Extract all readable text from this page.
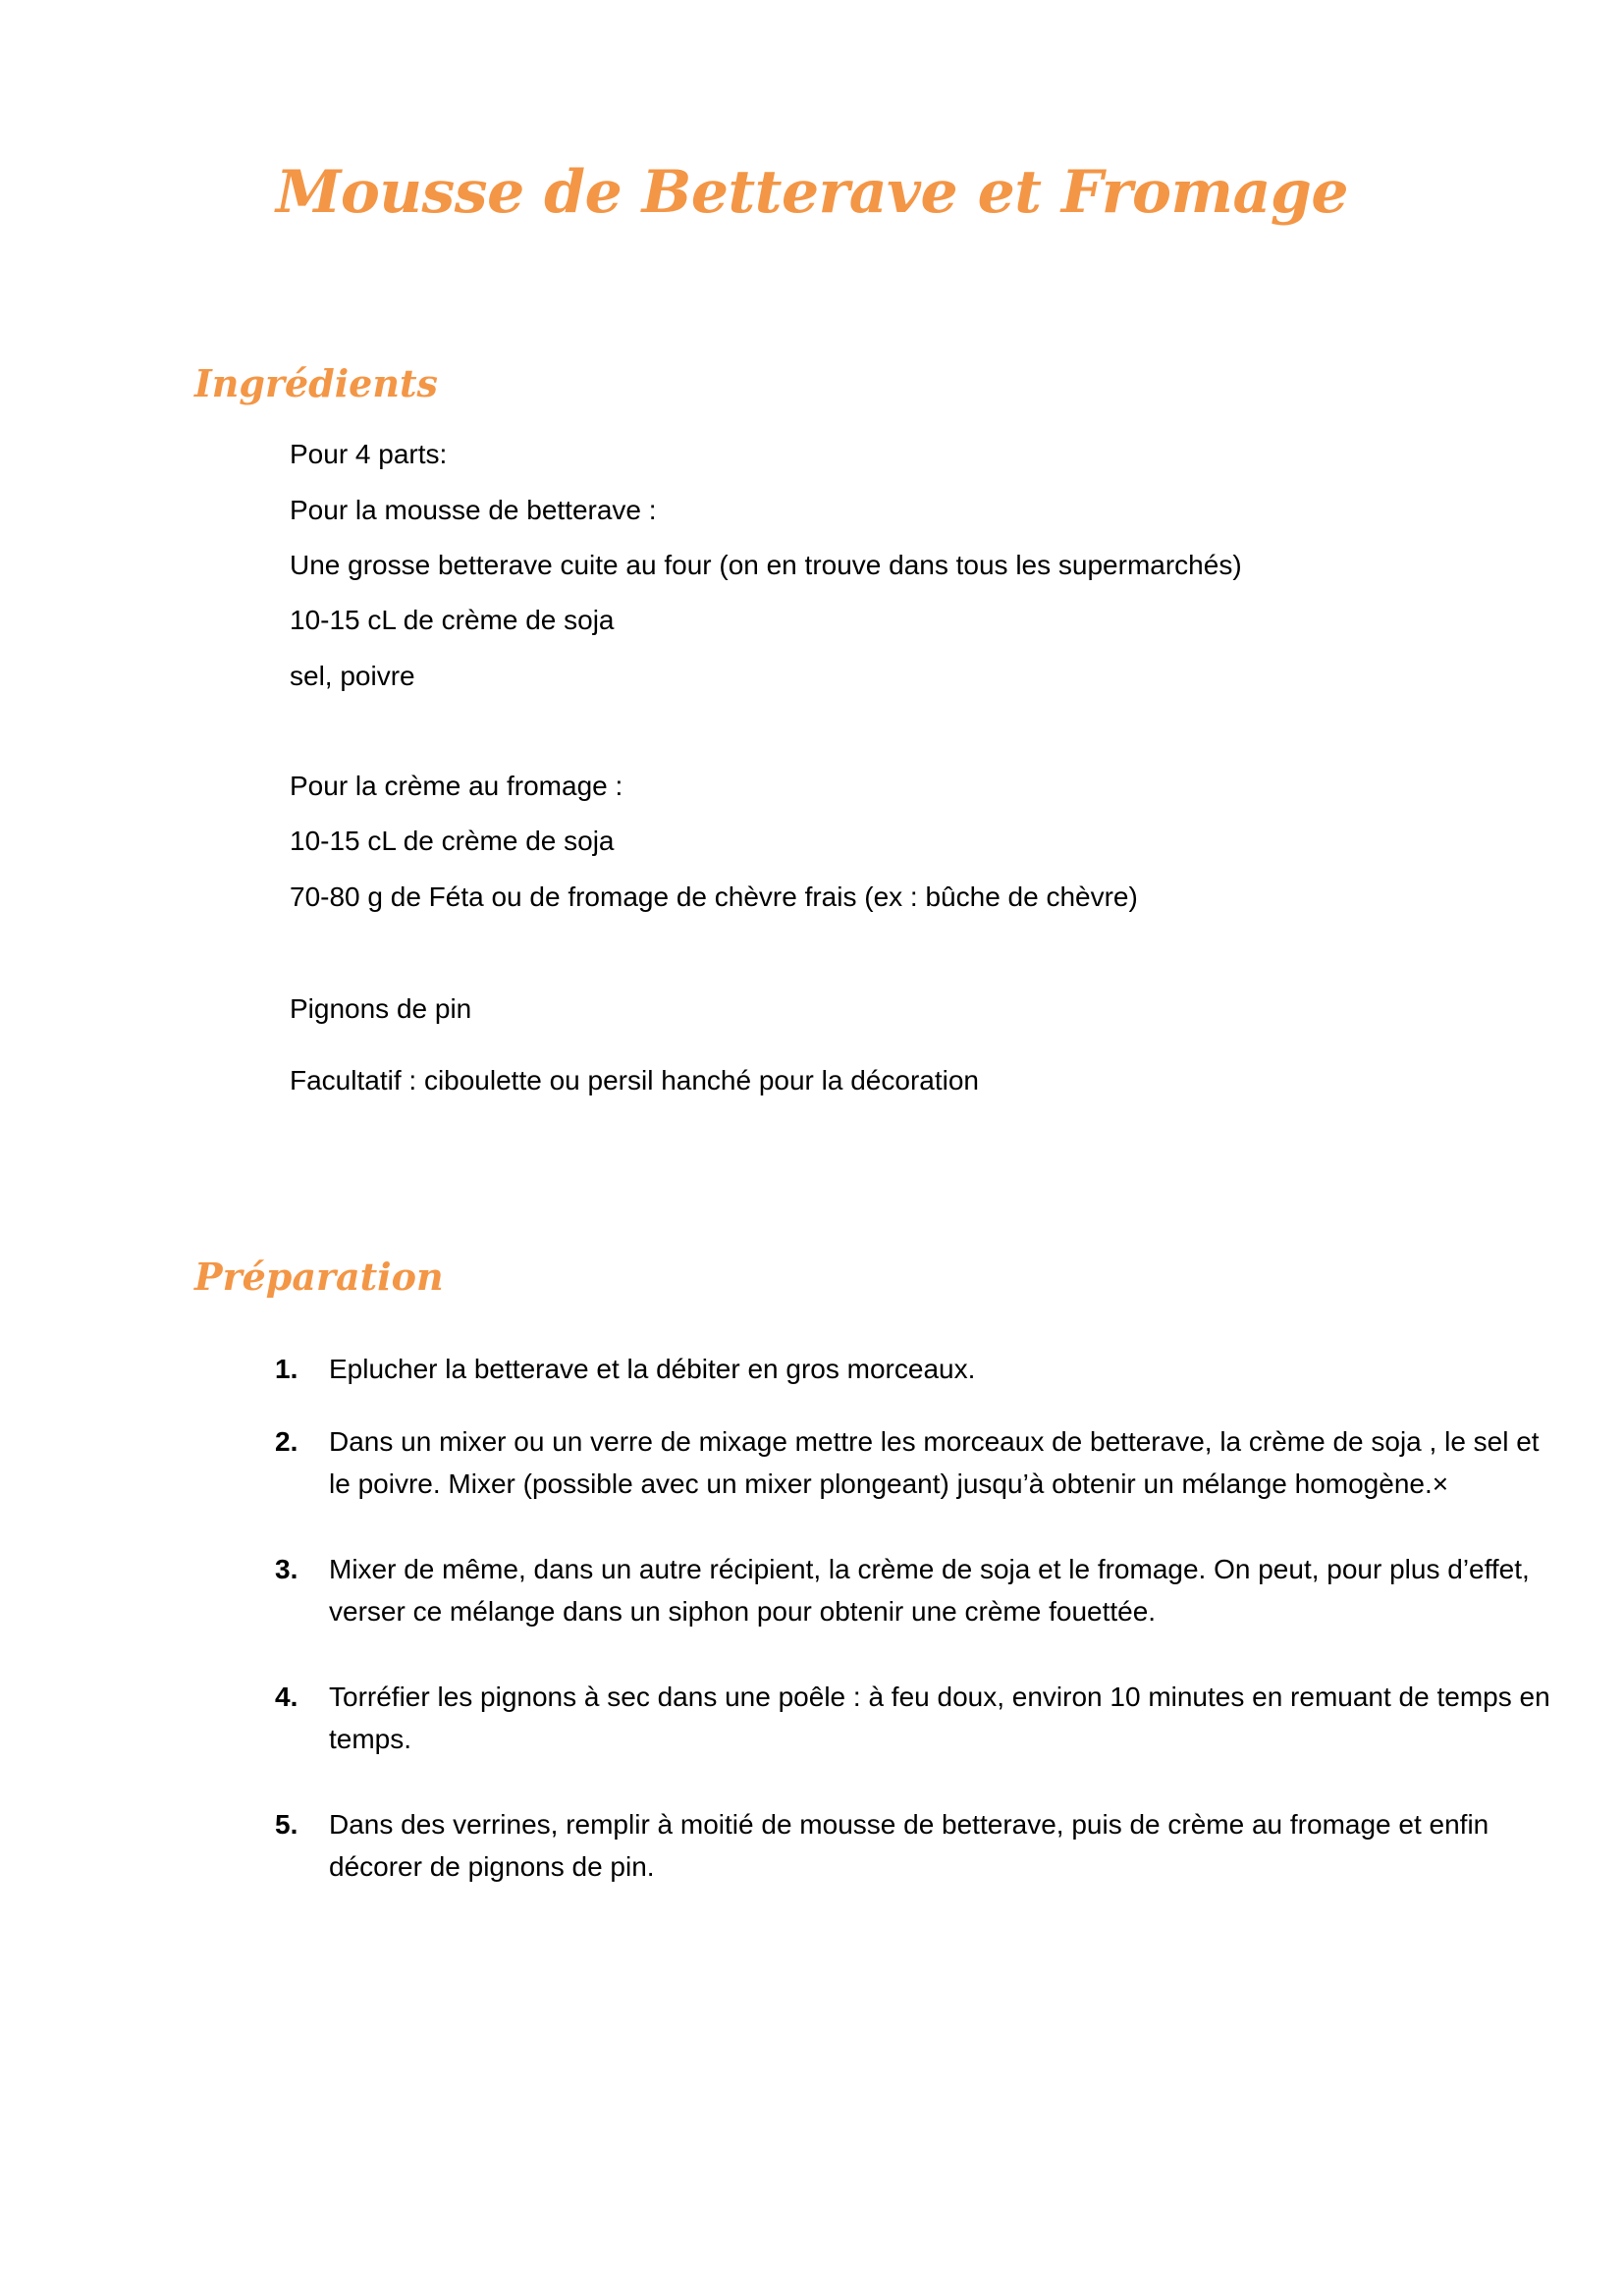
Mousse de Betterave et Fromage
Ingrédients
Pour 4 parts:
Pour la mousse de betterave :
Une grosse betterave cuite au four (on en trouve dans tous les supermarchés)
10-15 cL de crème de soja
sel, poivre
Pour la crème au fromage :
10-15 cL de crème de soja
70-80 g de Féta ou de fromage de chèvre frais (ex : bûche de chèvre)
Pignons de pin
Facultatif : ciboulette ou persil hanché pour la décoration
Préparation
1.	Eplucher la betterave et la débiter en gros morceaux.
2.	Dans un mixer ou un verre de mixage mettre les morceaux de betterave, la crème de soja , le sel et le poivre. Mixer (possible avec un mixer plongeant) jusqu’à obtenir un mélange homogène.×
3.	Mixer de même, dans un autre récipient, la crème de soja et le fromage. On peut, pour plus d’effet, verser ce mélange dans un siphon pour obtenir une crème fouettée.
4.	Torréfier les pignons à sec dans une poêle : à feu doux, environ 10 minutes en remuant de temps en temps.
5.	Dans des verrines, remplir à moitié de mousse de betterave, puis de crème au fromage et enfin décorer de pignons de pin.
